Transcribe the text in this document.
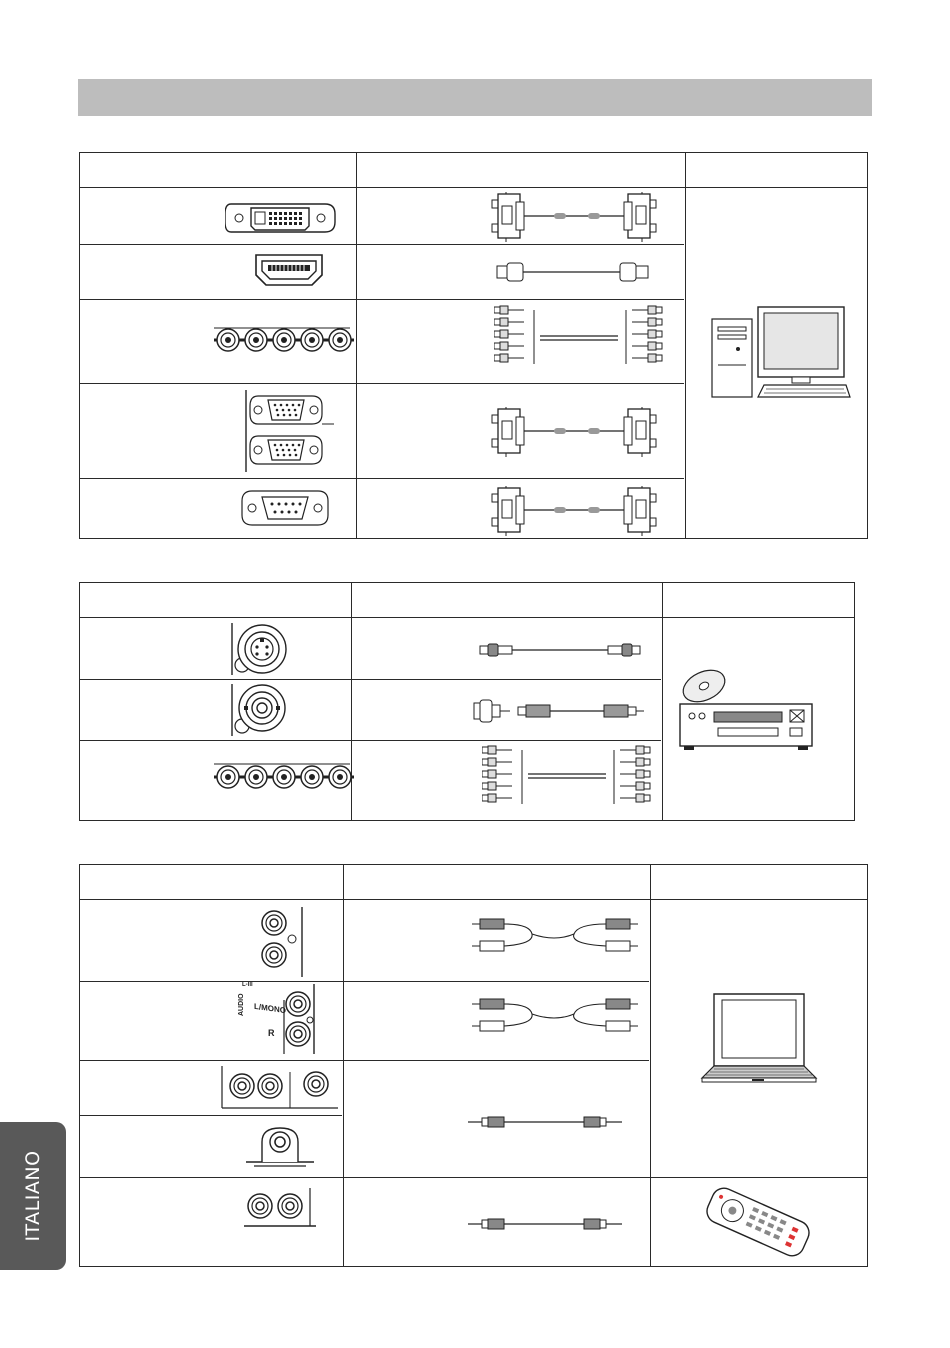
L/MONO
AUDIO
R
L-lll
ITALIANO
